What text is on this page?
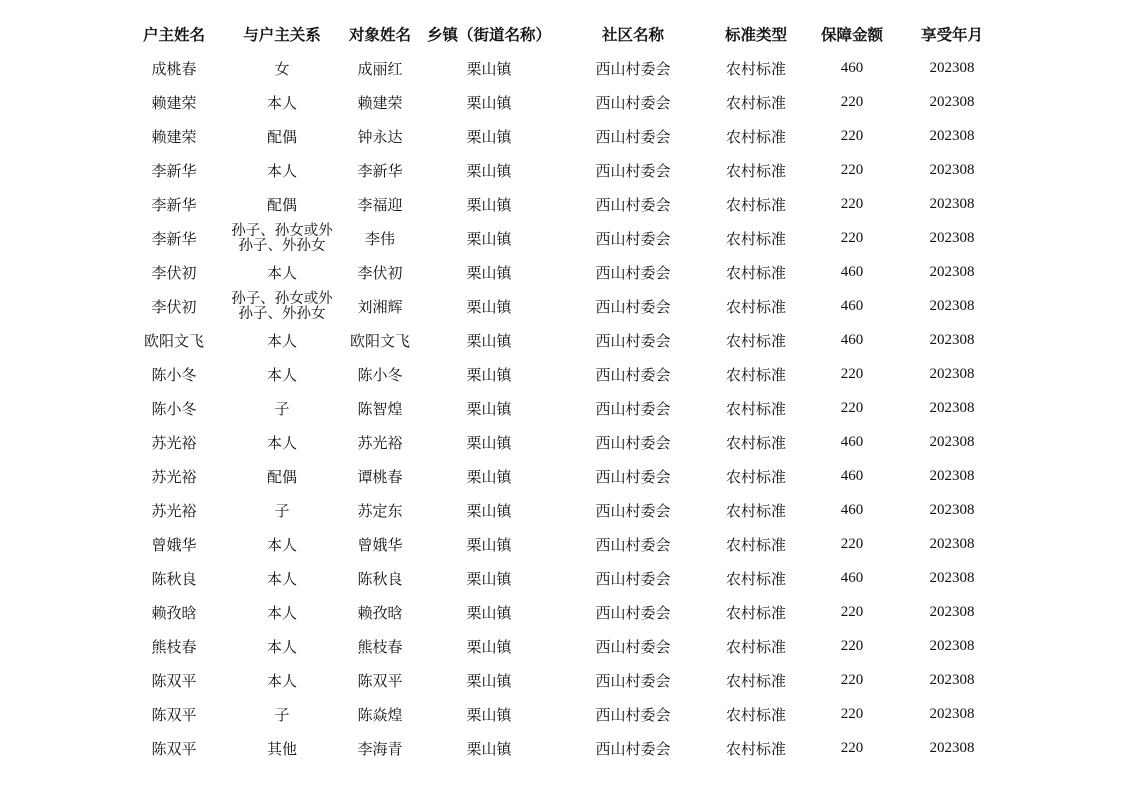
户主姓名	与户主关系	对象姓名	乡镇（街道名称）	社区名称	标准类型	保障金额	享受年月
成桃春	女	成丽红	栗山镇	西山村委会	农村标准	460	202308
赖建荣	本人	赖建荣	栗山镇	西山村委会	农村标准	220	202308
赖建荣	配偶	钟永达	栗山镇	西山村委会	农村标准	220	202308
李新华	本人	李新华	栗山镇	西山村委会	农村标准	220	202308
李新华	配偶	李福迎	栗山镇	西山村委会	农村标准	220	202308
李新华	孙子、孙女或外孙子、外孙女	李伟	栗山镇	西山村委会	农村标准	220	202308
李伏初	本人	李伏初	栗山镇	西山村委会	农村标准	460	202308
李伏初	孙子、孙女或外孙子、外孙女	刘湘辉	栗山镇	西山村委会	农村标准	460	202308
欧阳文飞	本人	欧阳文飞	栗山镇	西山村委会	农村标准	460	202308
陈小冬	本人	陈小冬	栗山镇	西山村委会	农村标准	220	202308
陈小冬	子	陈智煌	栗山镇	西山村委会	农村标准	220	202308
苏光裕	本人	苏光裕	栗山镇	西山村委会	农村标准	460	202308
苏光裕	配偶	谭桃春	栗山镇	西山村委会	农村标准	460	202308
苏光裕	子	苏定东	栗山镇	西山村委会	农村标准	460	202308
曾娥华	本人	曾娥华	栗山镇	西山村委会	农村标准	220	202308
陈秋良	本人	陈秋良	栗山镇	西山村委会	农村标准	460	202308
赖孜晗	本人	赖孜晗	栗山镇	西山村委会	农村标准	220	202308
熊枝春	本人	熊枝春	栗山镇	西山村委会	农村标准	220	202308
陈双平	本人	陈双平	栗山镇	西山村委会	农村标准	220	202308
陈双平	子	陈焱煌	栗山镇	西山村委会	农村标准	220	202308
陈双平	其他	李海青	栗山镇	西山村委会	农村标准	220	202308
